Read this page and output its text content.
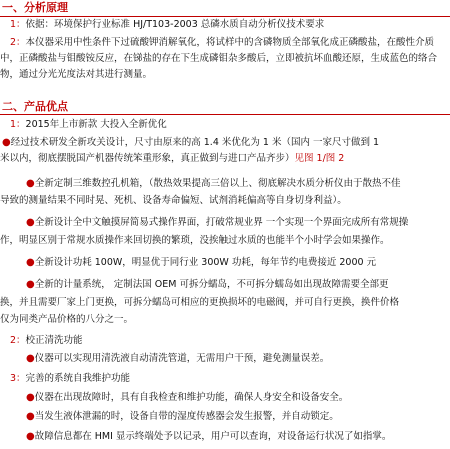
一、分析原理
1：依据：环境保护行业标准 HJ/T103-2003 总磷水质自动分析仪技术要求
2：本仪器采用中性条件下过硫酸钾消解氧化，将试样中的含磷物质全部氧化成正磷酸盐，在酸性介质
中，正磷酸盐与钼酸铵反应，在锑盐的存在下生成磷钼杂多酸后，立即被抗坏血酸还原，生成蓝色的络合
物，通过分光光度法对其进行测量。
二、产品优点
1：2015年上市新款 大投入全新优化
●经过技术研发全新攻关设计，尺寸由原来的高 1.4 米优化为 1 米（国内 一家尺寸做到 1
米以内，彻底摆脱国产机器传统笨重形象，真正做到与进口产品齐步）见图 1/图 2
●全新定制三维数控孔机箱，（散热效果提高三倍以上、彻底解决水质分析仪由于散热不佳
导致的测量结果不同时晃、死机、设备寿命偏短、试剂消耗偏高等自身切身利益）。
●全新设计全中文触摸屏简易式操作界面，打破常规业界 一个实现一个界面完成所有常规操
作，明显区别于常规水质操作来回切换的繁琐，没挨触过水质的也能半个小时学会如果操作。
●全新设计功耗 100W，明显优于同行业 300W 功耗，每年节约电费接近 2000 元
●全新的计量系统， 定制法国 OEM 可拆分蠕岛，不可拆分蠕岛如出现故障需要全部更
换，并且需要厂家上门更换，可拆分蠕岛可相应的更换损坏的电磁阀，并可自行更换，换件价格
仅为同类产品价格的八分之一。
2：校正清洗功能
●仪器可以实现用清洗液自动清洗管道，无需用户干预，避免测量误差。
3：完善的系统自我维护功能
●仪器在出现故障时，具有自我检查和维护功能，确保人身安全和设备安全。
●当发生液体泄漏的时，设备自带的湿度传感器会发生报警，并自动锁定。
●故障信息都在 HMI 显示终端处予以记录，用户可以查询，对设备运行状况了如指掌。
